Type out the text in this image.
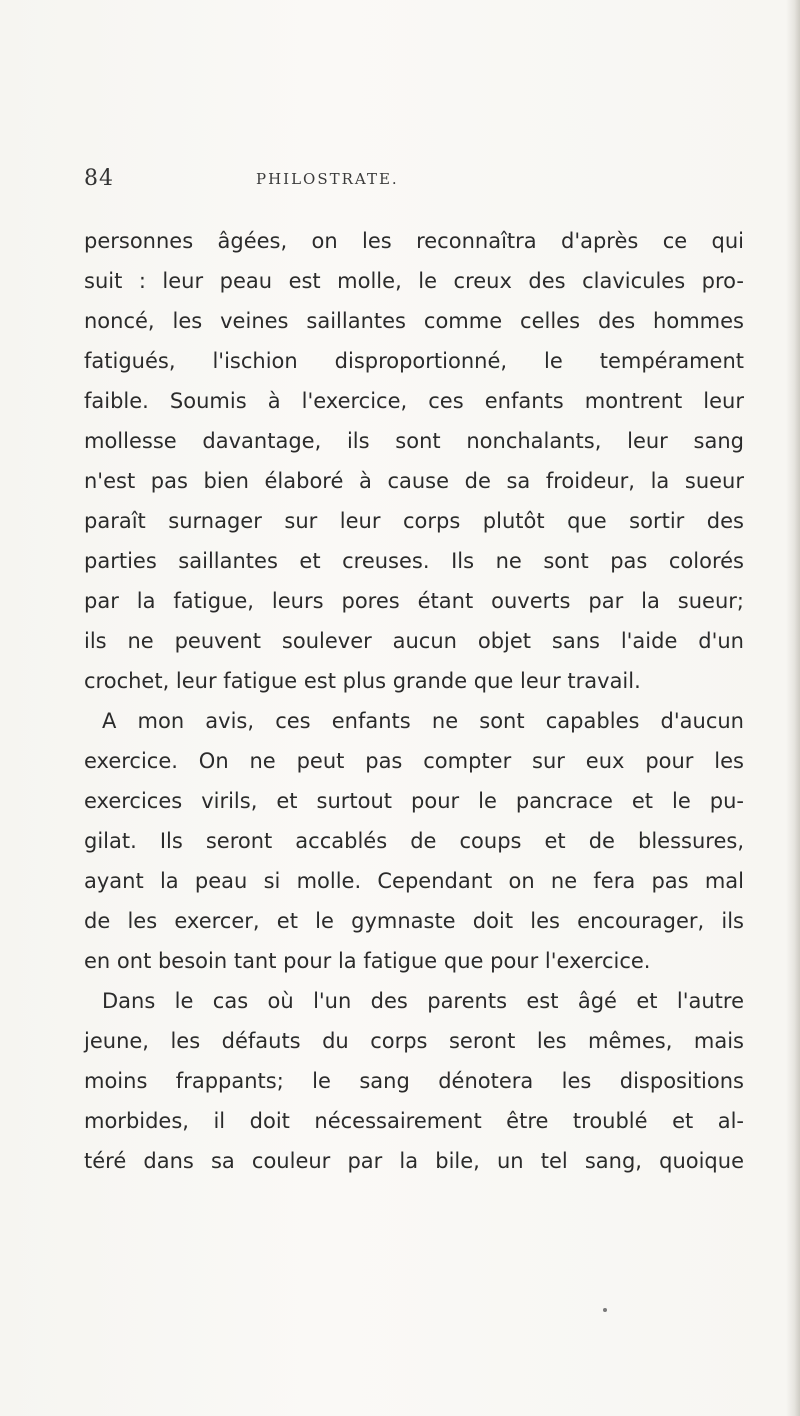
84	PHILOSTRATE.
personnes âgées, on les reconnaîtra d'après ce qui
suit : leur peau est molle, le creux des clavicules pro-
noncé, les veines saillantes comme celles des hommes
fatigués, l'ischion disproportionné, le tempérament
faible. Soumis à l'exercice, ces enfants montrent leur
mollesse davantage, ils sont nonchalants, leur sang
n'est pas bien élaboré à cause de sa froideur, la sueur
paraît surnager sur leur corps plutôt que sortir des
parties saillantes et creuses. Ils ne sont pas colorés
par la fatigue, leurs pores étant ouverts par la sueur;
ils ne peuvent soulever aucun objet sans l'aide d'un
crochet, leur fatigue est plus grande que leur travail.
A mon avis, ces enfants ne sont capables d'aucun
exercice. On ne peut pas compter sur eux pour les
exercices virils, et surtout pour le pancrace et le pu-
gilat. Ils seront accablés de coups et de blessures,
ayant la peau si molle. Cependant on ne fera pas mal
de les exercer, et le gymnaste doit les encourager, ils
en ont besoin tant pour la fatigue que pour l'exercice.
Dans le cas où l'un des parents est âgé et l'autre
jeune, les défauts du corps seront les mêmes, mais
moins frappants; le sang dénotera les dispositions
morbides, il doit nécessairement être troublé et al-
téré dans sa couleur par la bile, un tel sang, quoique
